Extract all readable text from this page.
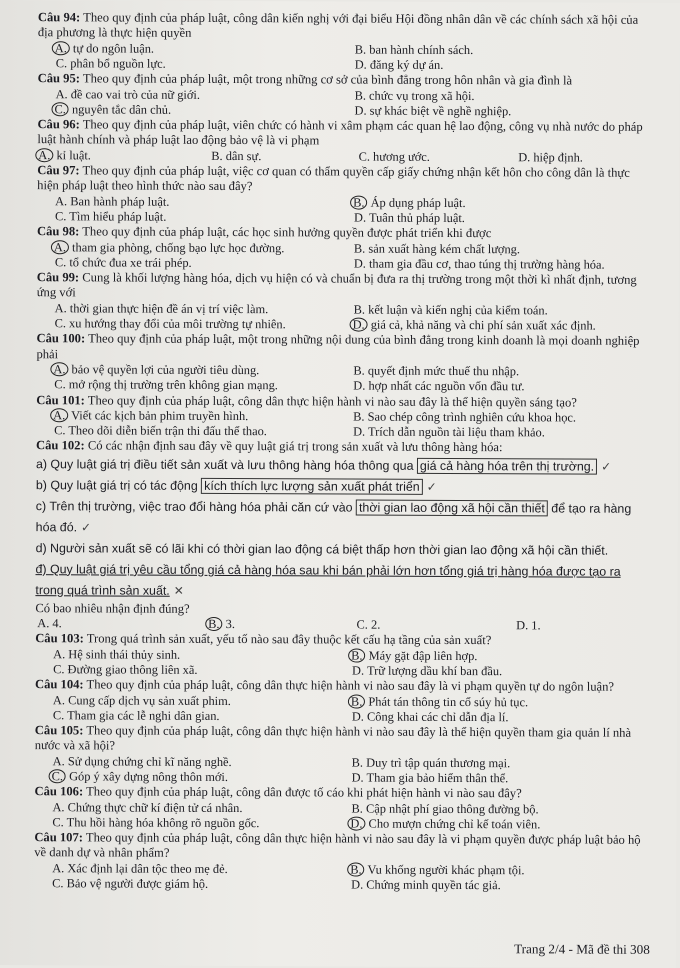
Câu 94: Theo quy định của pháp luật, công dân kiến nghị với đại biểu Hội đồng nhân dân về các chính sách xã hội của địa phương là thực hiện quyền

A. tự do ngôn luận.	B. ban hành chính sách.
C. phân bổ nguồn lực.	D. đăng ký dự án.

Câu 95: Theo quy định của pháp luật, một trong những cơ sở của bình đẳng trong hôn nhân và gia đình là

A. đề cao vai trò của nữ giới.	B. chức vụ trong xã hội.
C. nguyên tắc dân chủ.	D. sự khác biệt về nghề nghiệp.

Câu 96: Theo quy định của pháp luật, viên chức có hành vi xâm phạm các quan hệ lao động, công vụ nhà nước do pháp luật hành chính và pháp luật lao động bảo vệ là vi phạm

A. kỉ luật.	B. dân sự.	C. hương ước.	D. hiệp định.

Câu 97: Theo quy định của pháp luật, việc cơ quan có thẩm quyền cấp giấy chứng nhận kết hôn cho công dân là thực hiện pháp luật theo hình thức nào sau đây?

A. Ban hành pháp luật.	B. Áp dụng pháp luật.
C. Tìm hiểu pháp luật.	D. Tuân thủ pháp luật.

Câu 98: Theo quy định của pháp luật, các học sinh hưởng quyền được phát triển khi được

A. tham gia phòng, chống bạo lực học đường.	B. sản xuất hàng kém chất lượng.
C. tổ chức đua xe trái phép.	D. tham gia đầu cơ, thao túng thị trường hàng hóa.

Câu 99: Cung là khối lượng hàng hóa, dịch vụ hiện có và chuẩn bị đưa ra thị trường trong một thời kì nhất định, tương ứng với

A. thời gian thực hiện đề án vị trí việc làm.	B. kết luận và kiến nghị của kiểm toán.
C. xu hướng thay đổi của môi trường tự nhiên.	D. giá cả, khả năng và chi phí sản xuất xác định.

Câu 100: Theo quy định của pháp luật, một trong những nội dung của bình đẳng trong kinh doanh là mọi doanh nghiệp phải

A. bảo vệ quyền lợi của người tiêu dùng.	B. quyết định mức thuế thu nhập.
C. mở rộng thị trường trên không gian mạng.	D. hợp nhất các nguồn vốn đầu tư.

Câu 101: Theo quy định của pháp luật, công dân thực hiện hành vi nào sau đây là thể hiện quyền sáng tạo?

A. Viết các kịch bản phim truyền hình.	B. Sao chép công trình nghiên cứu khoa học.
C. Theo dõi diễn biến trận thi đấu thể thao.	D. Trích dẫn nguồn tài liệu tham khảo.

Câu 102: Có các nhận định sau đây về quy luật giá trị trong sản xuất và lưu thông hàng hóa:

a) Quy luật giá trị điều tiết sản xuất và lưu thông hàng hóa thông qua giá cả hàng hóa trên thị trường. ✓

b) Quy luật giá trị có tác động kích thích lực lượng sản xuất phát triển ✓

c) Trên thị trường, việc trao đổi hàng hóa phải căn cứ vào thời gian lao động xã hội cần thiết để tạo ra hàng hóa đó. ✓

d) Người sản xuất sẽ có lãi khi có thời gian lao động cá biệt thấp hơn thời gian lao động xã hội cần thiết.

đ) Quy luật giá trị yêu cầu tổng giá cả hàng hóa sau khi bán phải lớn hơn tổng giá trị hàng hóa được tạo ra trong quá trình sản xuất. ✕

Có bao nhiêu nhận định đúng?

A. 4.	B. 3.	C. 2.	D. 1.

Câu 103: Trong quá trình sản xuất, yếu tố nào sau đây thuộc kết cấu hạ tầng của sản xuất?

A. Hệ sinh thái thủy sinh.	B. Máy gặt đập liên hợp.
C. Đường giao thông liên xã.	D. Trữ lượng dầu khí ban đầu.

Câu 104: Theo quy định của pháp luật, công dân thực hiện hành vi nào sau đây là vi phạm quyền tự do ngôn luận?

A. Cung cấp dịch vụ sản xuất phim.	B. Phát tán thông tin cổ súy hủ tục.
C. Tham gia các lễ nghi dân gian.	D. Công khai các chỉ dẫn địa lí.

Câu 105: Theo quy định của pháp luật, công dân thực hiện hành vi nào sau đây là thể hiện quyền tham gia quản lí nhà nước và xã hội?

A. Sử dụng chứng chỉ kĩ năng nghề.	B. Duy trì tập quán thương mại.
C. Góp ý xây dựng nông thôn mới.	D. Tham gia bảo hiểm thân thể.

Câu 106: Theo quy định của pháp luật, công dân được tố cáo khi phát hiện hành vi nào sau đây?

A. Chứng thực chữ kí điện tử cá nhân.	B. Cập nhật phí giao thông đường bộ.
C. Thu hồi hàng hóa không rõ nguồn gốc.	D. Cho mượn chứng chỉ kế toán viên.

Câu 107: Theo quy định của pháp luật, công dân thực hiện hành vi nào sau đây là vi phạm quyền được pháp luật bảo hộ về danh dự và nhân phẩm?

A. Xác định lại dân tộc theo mẹ đẻ.	B. Vu khống người khác phạm tội.
C. Bảo vệ người được giám hộ.	D. Chứng minh quyền tác giả.
Trang 2/4 - Mã đề thi 308
